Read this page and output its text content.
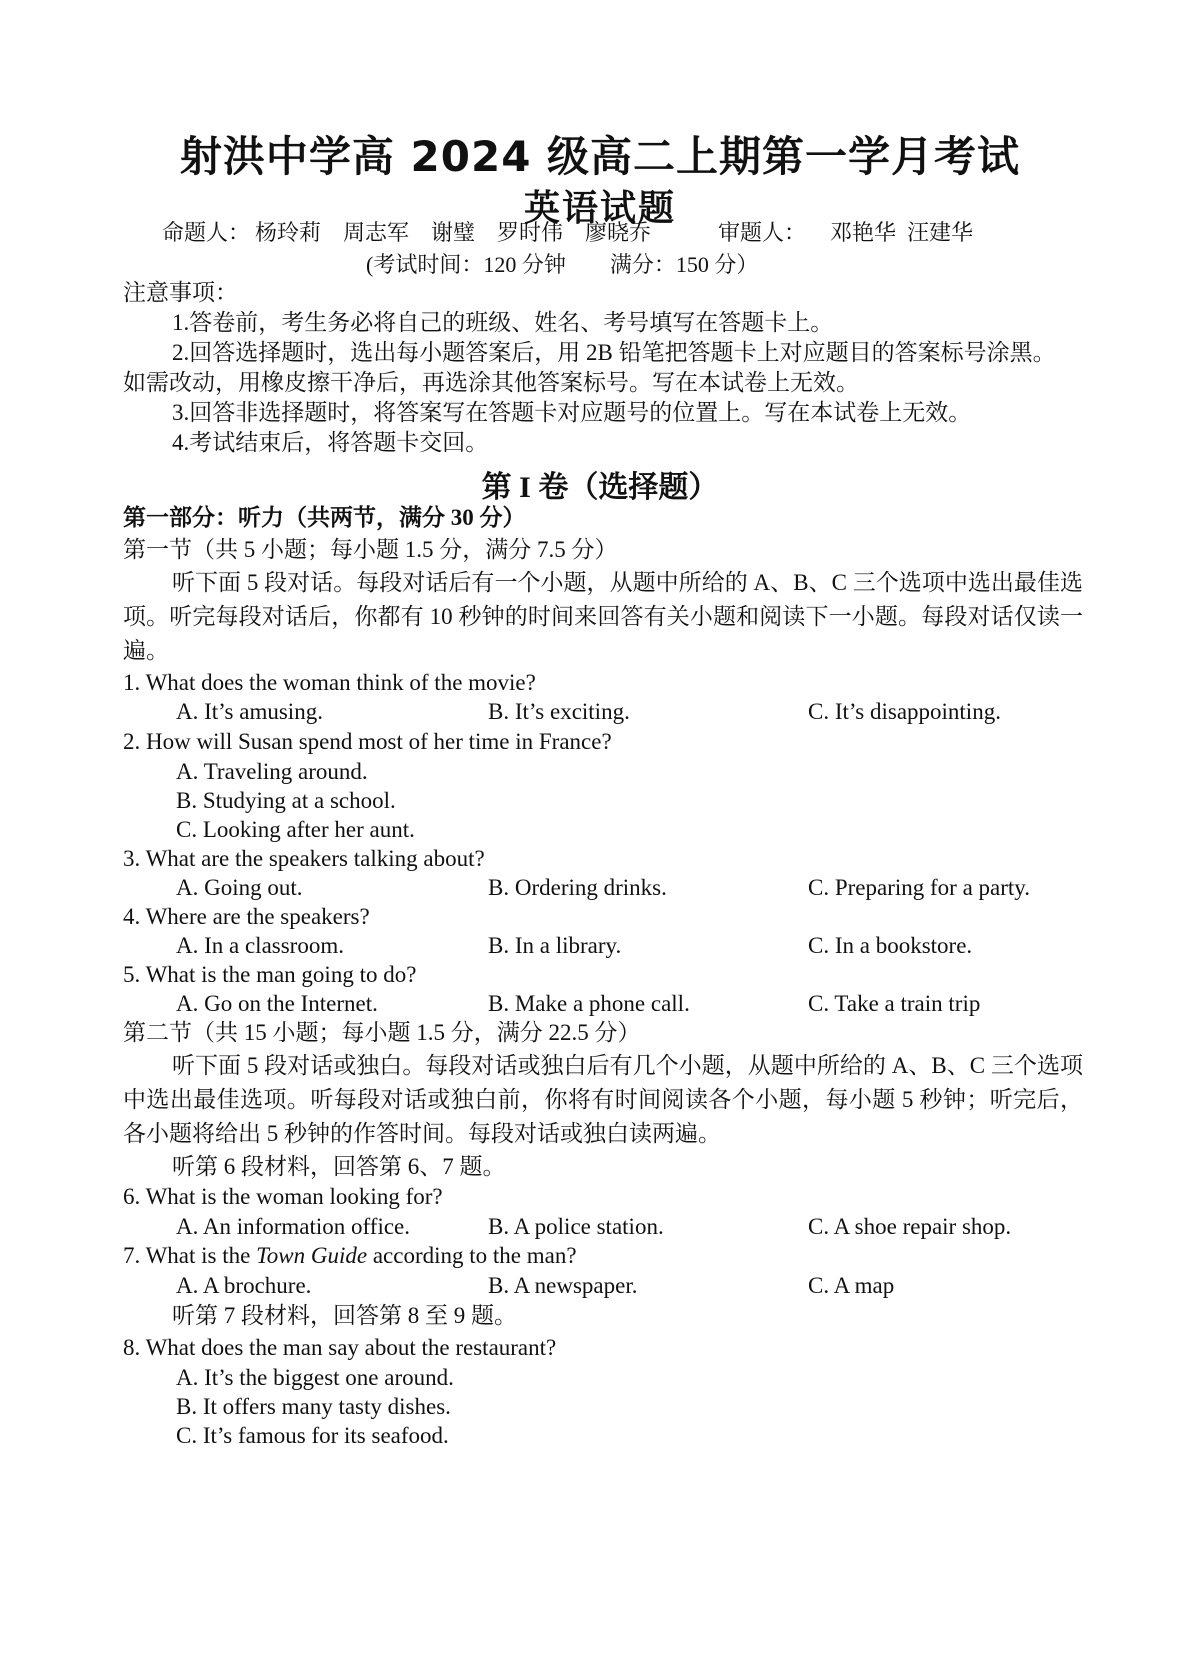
射洪中学高 2024 级高二上期第一学月考试
英语试题
命题人： 杨玲莉　周志军　谢璧　罗时伟　廖晓乔	审题人： 邓艳华  汪建华
(考试时间：120 分钟　　满分：150 分）
注意事项：
1.答卷前，考生务必将自己的班级、姓名、考号填写在答题卡上。
2.回答选择题时，选出每小题答案后，用 2B 铅笔把答题卡上对应题目的答案标号涂黑。
如需改动，用橡皮擦干净后，再选涂其他答案标号。写在本试卷上无效。
3.回答非选择题时，将答案写在答题卡对应题号的位置上。写在本试卷上无效。
4.考试结束后，将答题卡交回。
第 I 卷（选择题）
第一部分：听力（共两节，满分 30 分）
第一节（共 5 小题；每小题 1.5 分，满分 7.5 分）
听下面 5 段对话。每段对话后有一个小题，从题中所给的 A、B、C 三个选项中选出最佳选项。听完每段对话后，你都有 10 秒钟的时间来回答有关小题和阅读下一小题。每段对话仅读一遍。
1. What does the woman think of the movie?
A. It’s amusing.	B. It’s exciting.	C. It’s disappointing.
2. How will Susan spend most of her time in France?
A. Traveling around.
B. Studying at a school.
C. Looking after her aunt.
3. What are the speakers talking about?
A. Going out.	B. Ordering drinks.	C. Preparing for a party.
4. Where are the speakers?
A. In a classroom.	B. In a library.	C. In a bookstore.
5. What is the man going to do?
A. Go on the Internet.	B. Make a phone call.	C. Take a train trip
第二节（共 15 小题；每小题 1.5 分，满分 22.5 分）
听下面 5 段对话或独白。每段对话或独白后有几个小题，从题中所给的 A、B、C 三个选项中选出最佳选项。听每段对话或独白前，你将有时间阅读各个小题，每小题 5 秒钟；听完后，各小题将给出 5 秒钟的作答时间。每段对话或独白读两遍。
听第 6 段材料，回答第 6、7 题。
6. What is the woman looking for?
A. An information office.	B. A police station.	C. A shoe repair shop.
7. What is the Town Guide according to the man?
A. A brochure.	B. A newspaper.	C. A map
听第 7 段材料，回答第 8 至 9 题。
8. What does the man say about the restaurant?
A. It’s the biggest one around.
B. It offers many tasty dishes.
C. It’s famous for its seafood.
